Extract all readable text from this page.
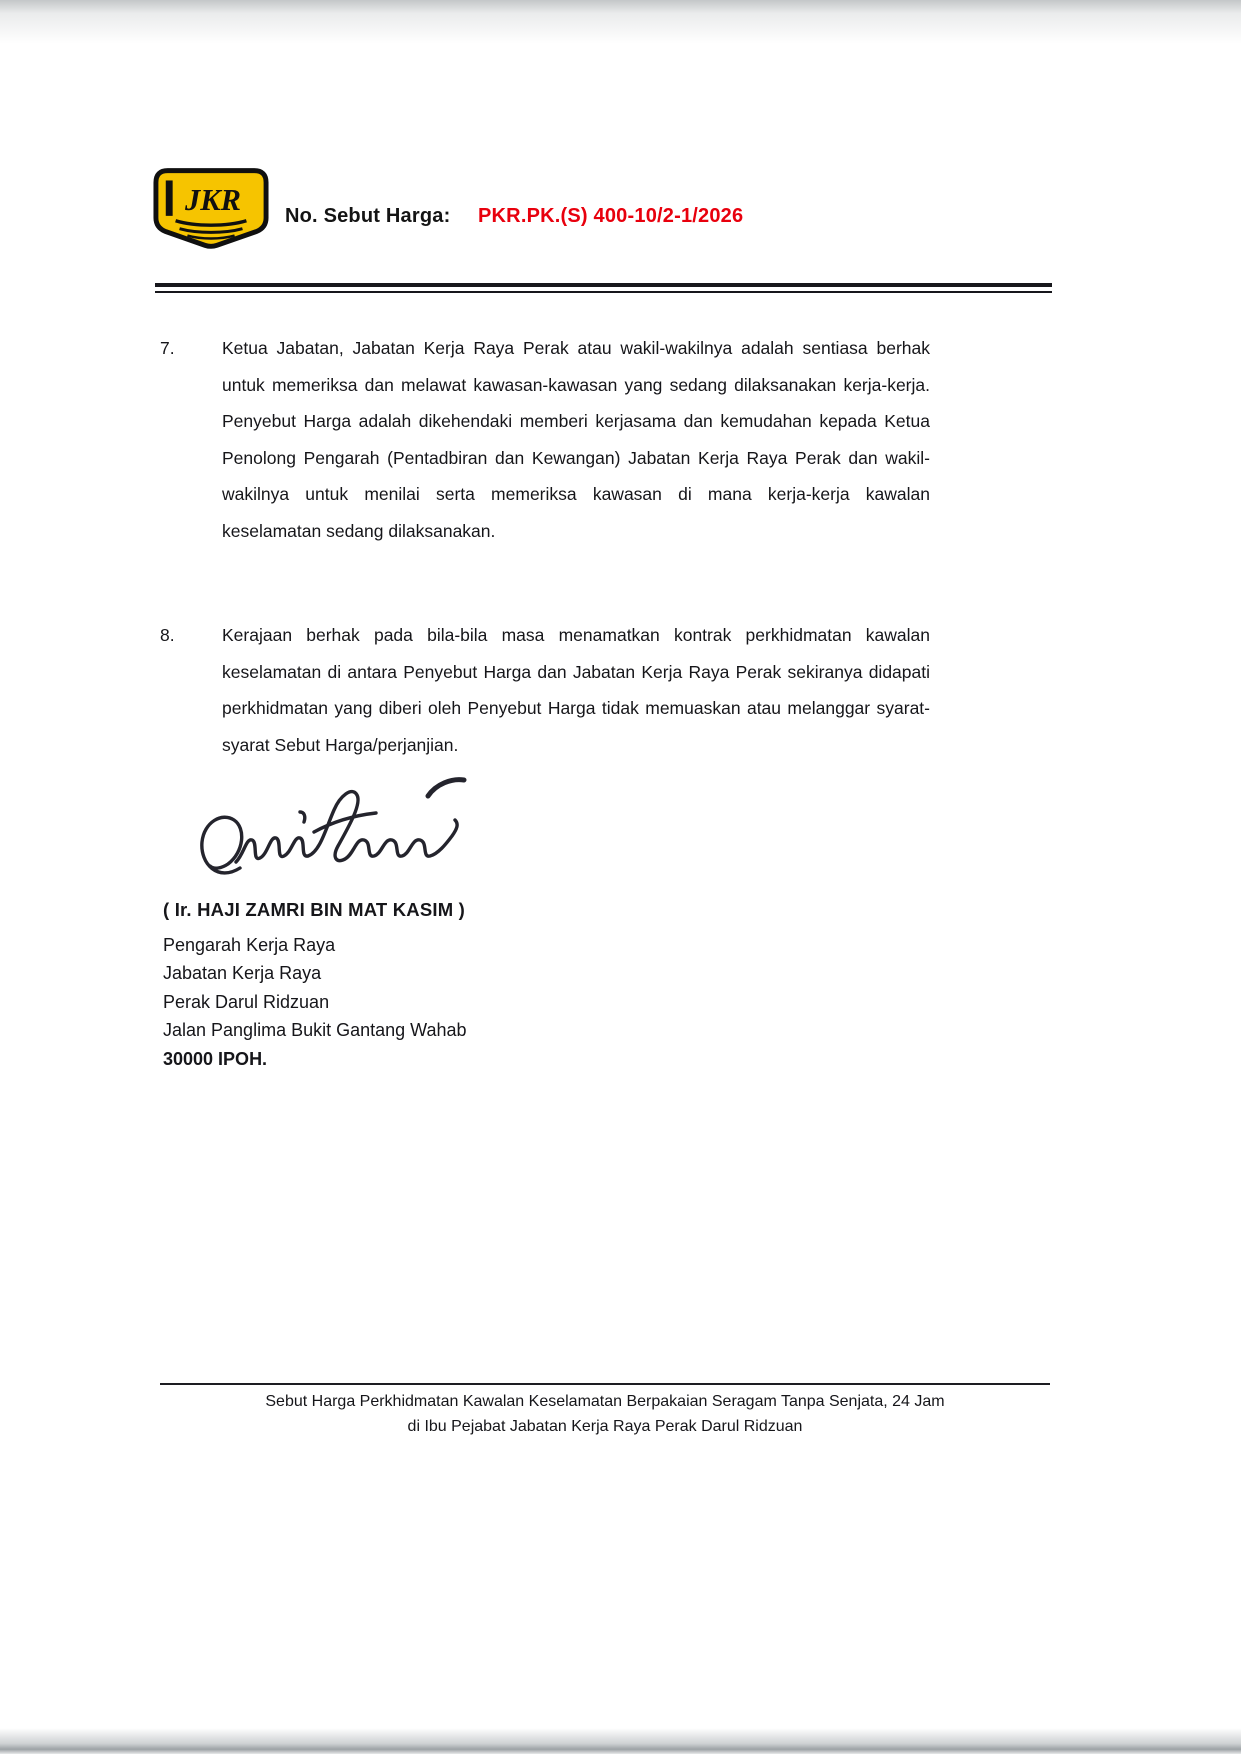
JKR No. Sebut Harga: PKR.PK.(S) 400-10/2-1/2026
7.	Ketua Jabatan, Jabatan Kerja Raya Perak atau wakil-wakilnya adalah sentiasa berhak untuk memeriksa dan melawat kawasan-kawasan yang sedang dilaksanakan kerja-kerja. Penyebut Harga adalah dikehendaki memberi kerjasama dan kemudahan kepada Ketua Penolong Pengarah (Pentadbiran dan Kewangan) Jabatan Kerja Raya Perak dan wakil-wakilnya untuk menilai serta memeriksa kawasan di mana kerja-kerja kawalan keselamatan sedang dilaksanakan.
8.	Kerajaan berhak pada bila-bila masa menamatkan kontrak perkhidmatan kawalan keselamatan di antara Penyebut Harga dan Jabatan Kerja Raya Perak sekiranya didapati perkhidmatan yang diberi oleh Penyebut Harga tidak memuaskan atau melanggar syarat-syarat Sebut Harga/perjanjian.
( Ir. HAJI ZAMRI BIN MAT KASIM )
Pengarah Kerja Raya
Jabatan Kerja Raya
Perak Darul Ridzuan
Jalan Panglima Bukit Gantang Wahab
30000 IPOH.
Sebut Harga Perkhidmatan Kawalan Keselamatan Berpakaian Seragam Tanpa Senjata, 24 Jam
di Ibu Pejabat Jabatan Kerja Raya Perak Darul Ridzuan
